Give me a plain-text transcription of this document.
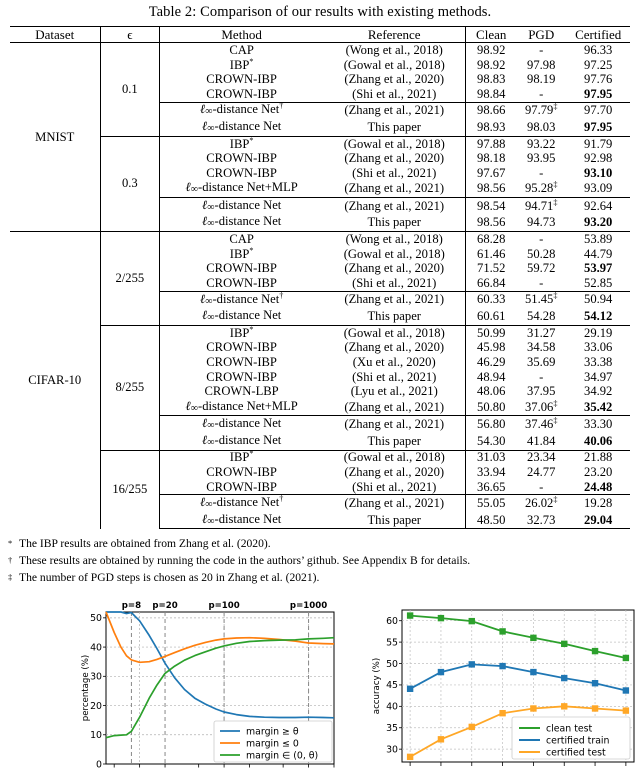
Table 2: Comparison of our results with existing methods.
Dataset	ϵ	Method	Reference	Clean	PGD	Certified
MNIST	0.1	CAP	(Wong et al., 2018)	98.92	-	96.33
		IBP*	(Gowal et al., 2018)	98.92	97.98	97.25
		CROWN-IBP	(Zhang et al., 2020)	98.83	98.19	97.76
		CROWN-IBP	(Shi et al., 2021)	98.84	-	97.95
		ℓ∞-distance Net†	(Zhang et al., 2021)	98.66	97.79‡	97.70
		ℓ∞-distance Net	This paper	98.93	98.03	97.95
	0.3	IBP*	(Gowal et al., 2018)	97.88	93.22	91.79
		CROWN-IBP	(Zhang et al., 2020)	98.18	93.95	92.98
		CROWN-IBP	(Shi et al., 2021)	97.67	-	93.10
		ℓ∞-distance Net+MLP	(Zhang et al., 2021)	98.56	95.28‡	93.09
		ℓ∞-distance Net	(Zhang et al., 2021)	98.54	94.71‡	92.64
		ℓ∞-distance Net	This paper	98.56	94.73	93.20
CIFAR-10	2/255	CAP	(Wong et al., 2018)	68.28	-	53.89
		IBP*	(Gowal et al., 2018)	61.46	50.28	44.79
		CROWN-IBP	(Zhang et al., 2020)	71.52	59.72	53.97
		CROWN-IBP	(Shi et al., 2021)	66.84	-	52.85
		ℓ∞-distance Net†	(Zhang et al., 2021)	60.33	51.45‡	50.94
		ℓ∞-distance Net	This paper	60.61	54.28	54.12
	8/255	IBP*	(Gowal et al., 2018)	50.99	31.27	29.19
		CROWN-IBP	(Zhang et al., 2020)	45.98	34.58	33.06
		CROWN-IBP	(Xu et al., 2020)	46.29	35.69	33.38
		CROWN-IBP	(Shi et al., 2021)	48.94	-	34.97
		CROWN-LBP	(Lyu et al., 2021)	48.06	37.95	34.92
		ℓ∞-distance Net+MLP	(Zhang et al., 2021)	50.80	37.06‡	35.42
		ℓ∞-distance Net	(Zhang et al., 2021)	56.80	37.46‡	33.30
		ℓ∞-distance Net	This paper	54.30	41.84	40.06
	16/255	IBP*	(Gowal et al., 2018)	31.03	23.34	21.88
		CROWN-IBP	(Zhang et al., 2020)	33.94	24.77	23.20
		CROWN-IBP	(Shi et al., 2021)	36.65	-	24.48
		ℓ∞-distance Net†	(Zhang et al., 2021)	55.05	26.02‡	19.28
		ℓ∞-distance Net	This paper	48.50	32.73	29.04
* The IBP results are obtained from Zhang et al. (2020).
† These results are obtained by running the code in the authors’ github. See Appendix B for details.
‡ The number of PGD steps is chosen as 20 in Zhang et al. (2021).
0
10
20
30
40
50
p=8 p=20	p=100	p=1000
percentage (%)
margin ≥ θ
margin ≤ 0
margin ∈ (0, θ)
30
35
40
45
50
55
60
accuracy (%)
clean test
certified train
certified test
